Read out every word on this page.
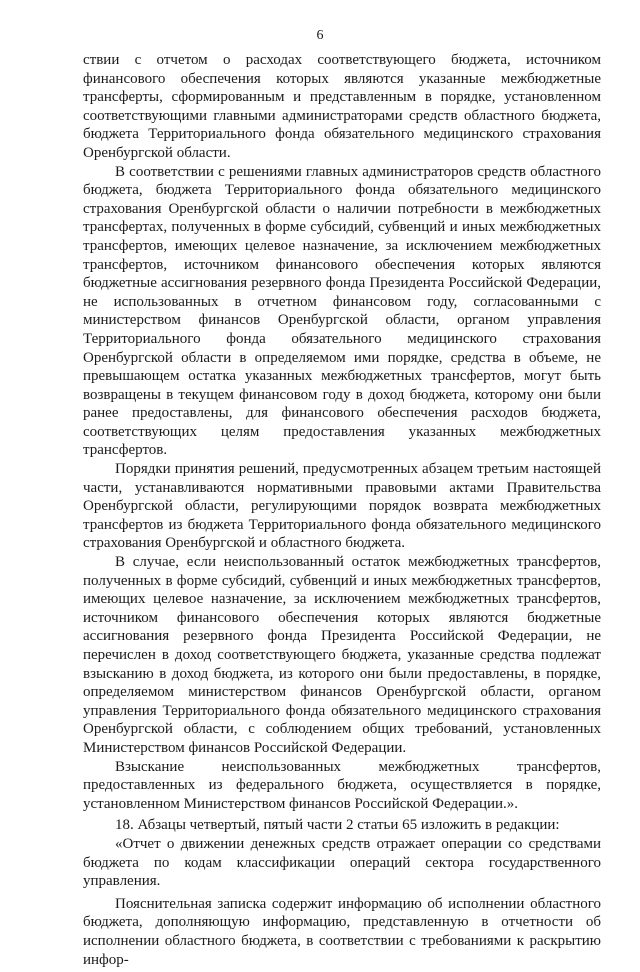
6

ствии с отчетом о расходах соответствующего бюджета, источником финансового обеспечения которых являются указанные межбюджетные трансферты, сформированным и представленным в порядке, установленном соответствующими главными администраторами средств областного бюджета, бюджета Территориального фонда обязательного медицинского страхования Оренбургской области.

В соответствии с решениями главных администраторов средств областного бюджета, бюджета Территориального фонда обязательного медицинского страхования Оренбургской области о наличии потребности в межбюджетных трансфертах, полученных в форме субсидий, субвенций и иных межбюджетных трансфертов, имеющих целевое назначение, за исключением межбюджетных трансфертов, источником финансового обеспечения которых являются бюджетные ассигнования резервного фонда Президента Российской Федерации, не использованных в отчетном финансовом году, согласованными с министерством финансов Оренбургской области, органом управления Территориального фонда обязательного медицинского страхования Оренбургской области в определяемом ими порядке, средства в объеме, не превышающем остатка указанных межбюджетных трансфертов, могут быть возвращены в текущем финансовом году в доход бюджета, которому они были ранее предоставлены, для финансового обеспечения расходов бюджета, соответствующих целям предоставления указанных межбюджетных трансфертов.

Порядки принятия решений, предусмотренных абзацем третьим настоящей части, устанавливаются нормативными правовыми актами Правительства Оренбургской области, регулирующими порядок возврата межбюджетных трансфертов из бюджета Территориального фонда обязательного медицинского страхования Оренбургской и областного бюджета.

В случае, если неиспользованный остаток межбюджетных трансфертов, полученных в форме субсидий, субвенций и иных межбюджетных трансфертов, имеющих целевое назначение, за исключением межбюджетных трансфертов, источником финансового обеспечения которых являются бюджетные ассигнования резервного фонда Президента Российской Федерации, не перечислен в доход соответствующего бюджета, указанные средства подлежат взысканию в доход бюджета, из которого они были предоставлены, в порядке, определяемом министерством финансов Оренбургской области, органом управления Территориального фонда обязательного медицинского страхования Оренбургской области, с соблюдением общих требований, установленных Министерством финансов Российской Федерации.

Взыскание неиспользованных межбюджетных трансфертов, предоставленных из федерального бюджета, осуществляется в порядке, установленном Министерством финансов Российской Федерации.».

18. Абзацы четвертый, пятый части 2 статьи 65 изложить в редакции:

«Отчет о движении денежных средств отражает операции со средствами бюджета по кодам классификации операций сектора государственного управления.

Пояснительная записка содержит информацию об исполнении областного бюджета, дополняющую информацию, представленную в отчетности об исполнении областного бюджета, в соответствии с требованиями к раскрытию инфор-
